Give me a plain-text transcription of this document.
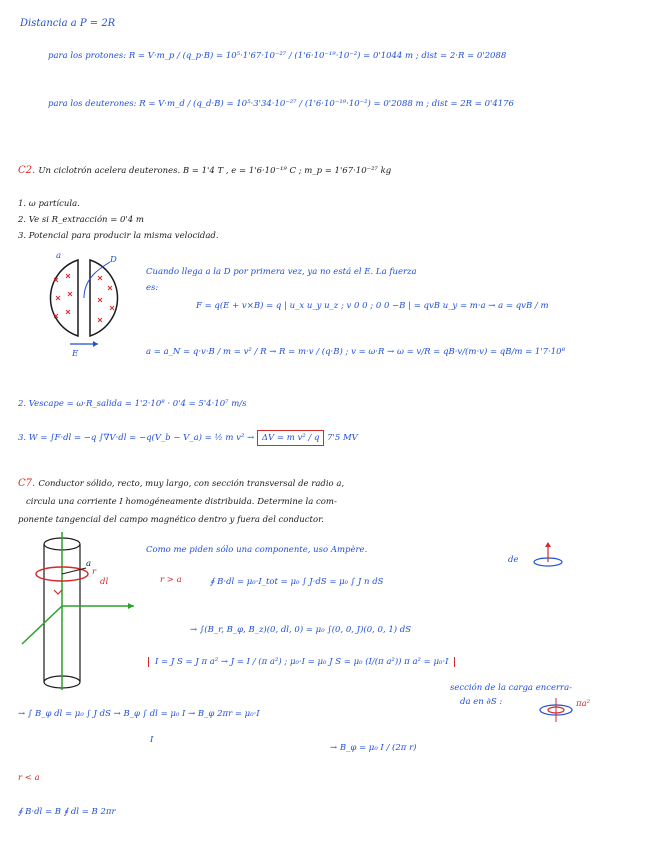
Distancia a P = 2R
para los protones: R = V·m_p / (q_p·B) = 10⁵·1'67·10⁻²⁷ / (1'6·10⁻¹⁹·10⁻²) = 0'1044 m ; dist = 2·R = 0'2088
para los deuterones: R = V·m_d / (q_d·B) = 10⁵·3'34·10⁻²⁷ / (1'6·10⁻¹⁹·10⁻²) = 0'2088 m ; dist = 2R = 0'4176
C2. Un ciclotrón acelera deuterones. B = 1'4 T , e = 1'6·10⁻¹⁹ C ; m_p = 1'67·10⁻²⁷ kg
1. ω partícula.
2. Ve si R_extracción = 0'4 m
3. Potencial para producir la misma velocidad.
a	D
E
Cuando llega a la D por primera vez, ya no está el E. La fuerza
es:
F = q(E + v×B) = q | u_x u_y u_z ; v 0 0 ; 0 0 −B | = qvB u_y = m·a → a = qvB / m
a = a_N = q·v·B / m = v² / R → R = m·v / (q·B) ; v = ω·R → ω = v/R = qB·v/(m·v) = qB/m = 1'7·10⁸
2. Vescape = ω·R_salida = 1'2·10⁸ · 0'4 = 5'4·10⁷ m/s
3. W = ∫F·dl = −q ∫∇V·dl = −q(V_b − V_a) = ½ m v² → ΔV = m v² / q 7'5 MV
C7. Conductor sólido, recto, muy largo, con sección transversal de radio a,
circula una corriente I homogéneamente distribuida. Determine la com-
ponente tangencial del campo magnético dentro y fuera del conductor.
a
r
dl
Como me piden sólo una componente, uso Ampère.
de
r > a	∮ B·dl = μ₀·I_tot = μ₀ ∫ J·dS = μ₀ ∫ J n dS
→ ∫(B_r, B_φ, B_z)(0, dl, 0) = μ₀ ∫(0, 0, J)(0, 0, 1) dS
I = J S = J π a² → J = I / (π a²) ; μ₀·I = μ₀ J S = μ₀ (I/(π a²)) π a² = μ₀·I
sección de la carga encerra-
da en ∂S :	πa²
→ ∫ B_φ dl = μ₀ ∫ J dS → B_φ ∫ dl = μ₀ I → B_φ 2πr = μ₀·I
I
→ B_φ = μ₀ I / (2π r)
r < a
∮ B·dl = B ∮ dl = B 2πr
